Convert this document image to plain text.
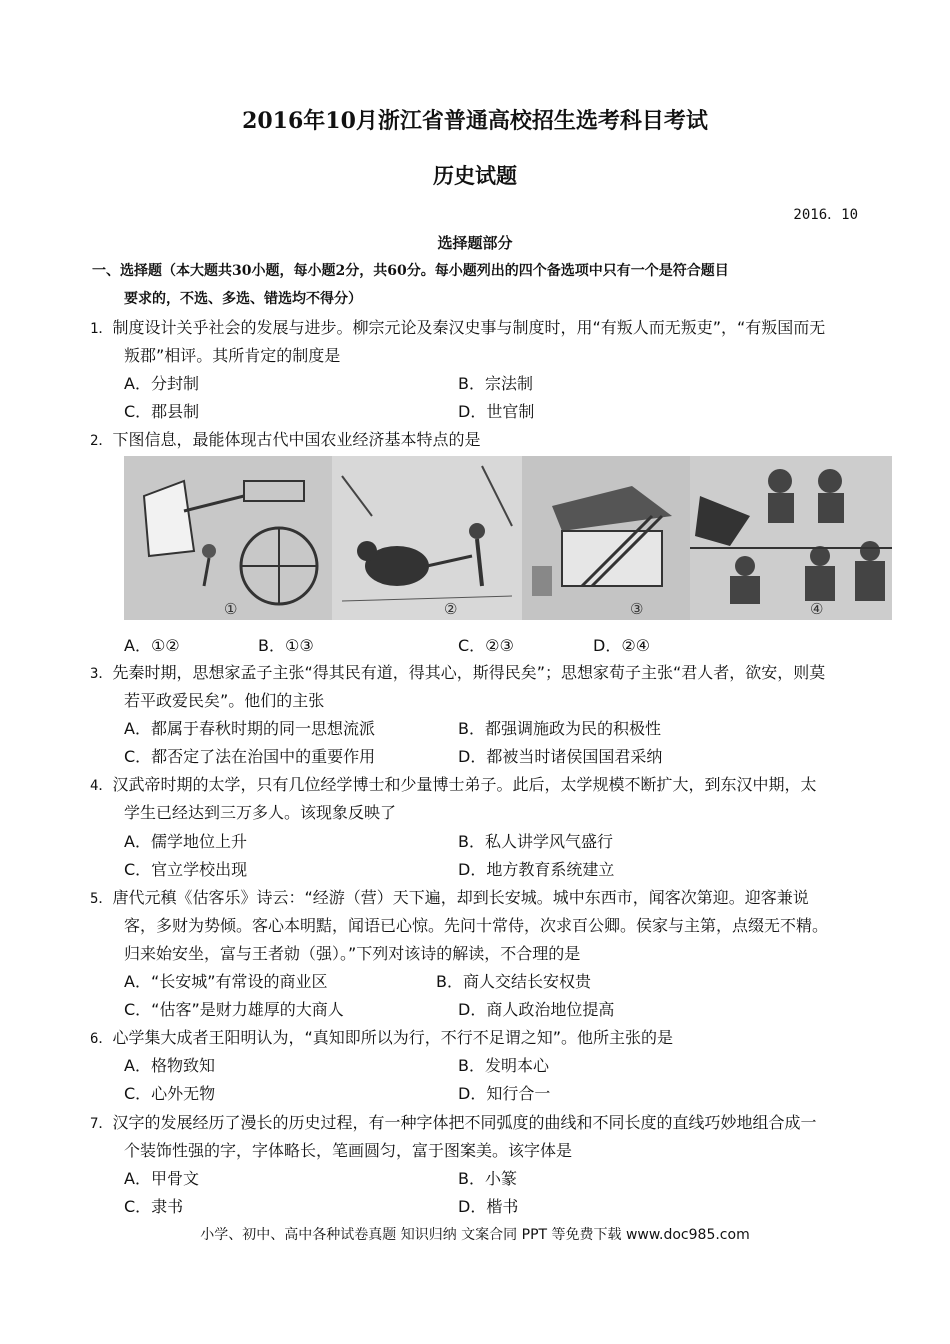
2016年10月浙江省普通高校招生选考科目考试
历史试题
2016．10
选择题部分
一、选择题（本大题共30小题，每小题2分，共60分。每小题列出的四个备选项中只有一个是符合题目
要求的，不选、多选、错选均不得分）
1．制度设计关乎社会的发展与进步。柳宗元论及秦汉史事与制度时，用“有叛人而无叛吏”，“有叛国而无
叛郡”相评。其所肯定的制度是
A．分封制	B．宗法制
C．郡县制	D．世官制
2．下图信息，最能体现古代中国农业经济基本特点的是
①	②	③	④
A．①②	B．①③	C．②③	D．②④
3．先秦时期，思想家孟子主张“得其民有道，得其心，斯得民矣”；思想家荀子主张“君人者，欲安，则莫
若平政爱民矣”。他们的主张
A．都属于春秋时期的同一思想流派	B．都强调施政为民的积极性
C．都否定了法在治国中的重要作用	D．都被当时诸侯国国君采纳
4．汉武帝时期的太学，只有几位经学博士和少量博士弟子。此后，太学规模不断扩大，到东汉中期，太
学生已经达到三万多人。该现象反映了
A．儒学地位上升	B．私人讲学风气盛行
C．官立学校出现	D．地方教育系统建立
5．唐代元稹《估客乐》诗云：“经游（营）天下遍，却到长安城。城中东西市，闻客次第迎。迎客兼说
客，多财为势倾。客心本明黠，闻语已心惊。先问十常侍，次求百公卿。侯家与主第，点缀无不精。
归来始安坐，富与王者勍（强）。”下列对该诗的解读，不合理的是
A．“长安城”有常设的商业区	B．商人交结长安权贵
C．“估客”是财力雄厚的大商人	D．商人政治地位提高
6．心学集大成者王阳明认为，“真知即所以为行，不行不足谓之知”。他所主张的是
A．格物致知	B．发明本心
C．心外无物	D．知行合一
7．汉字的发展经历了漫长的历史过程，有一种字体把不同弧度的曲线和不同长度的直线巧妙地组合成一
个装饰性强的字，字体略长，笔画圆匀，富于图案美。该字体是
A．甲骨文	B．小篆
C．隶书	D．楷书
小学、初中、高中各种试卷真题 知识归纳 文案合同 PPT 等免费下载 www.doc985.com
